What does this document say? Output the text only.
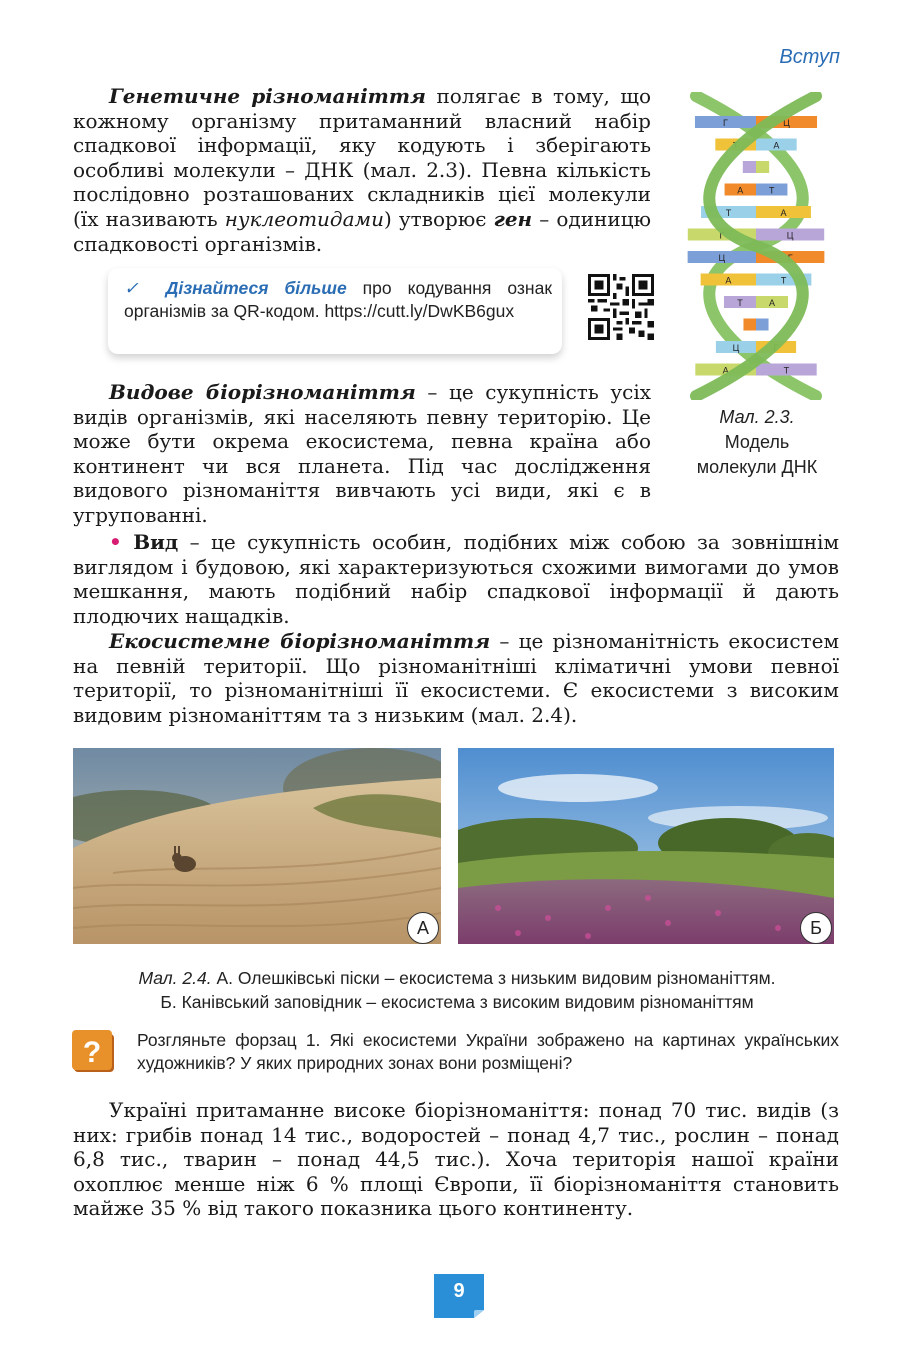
Вступ

Генетичне різноманіття полягає в тому, що кожному організму притаманний власний набір спадкової інформації, яку кодують і зберігають особливі молекули – ДНК (мал. 2.3). Певна кількість послідовно розташованих складників цієї молекули (їх називають нуклеотидами) утворює ген – одиницю спадковості організмів.

✓ Дізнайтеся більше про кодування ознак організмів за QR-кодом. https://cutt.ly/DwKB6gux
Г	Ц
Т	А
А	Т
Т	А
Г	Ц
Ц	Г
А	Т
Т	А
Ц	Г
А	Т
Мал. 2.3.
Модель
молекули ДНК

Видове біорізноманіття – це сукупність усіх видів організмів, які населяють певну територію. Це може бути окрема екосистема, певна країна або континент чи вся планета. Під час дослідження видового різноманіття вивчають усі види, які є в угрупованні.

• Вид – це сукупність особин, подібних між собою за зовнішнім виглядом і будовою, які характеризуються схожими вимогами до умов мешкання, мають подібний набір спадкової інформації й дають плодючих нащадків.

Екосистемне біорізноманіття – це різноманітність екосистем на певній території. Що різноманітніші кліматичні умови певної території, то різноманітніші її екосистеми. Є екосистеми з високим видовим різноманіттям та з низьким (мал. 2.4).

А	Б
Мал. 2.4. А. Олешківські піски – екосистема з низьким видовим різноманіттям.
Б. Канівський заповідник – екосистема з високим видовим різноманіттям
? Розгляньте форзац 1. Які екосистеми України зображено на картинах українських художників? У яких природних зонах вони розміщені?

Україні притаманне високе біорізноманіття: понад 70 тис. видів (з них: грибів понад 14 тис., водоростей – понад 4,7 тис., рослин – понад 6,8 тис., тварин – понад 44,5 тис.). Хоча територія нашої країни охоплює менше ніж 6 % площі Європи, її біорізноманіття становить майже 35 % від такого показника цього континенту.

9
